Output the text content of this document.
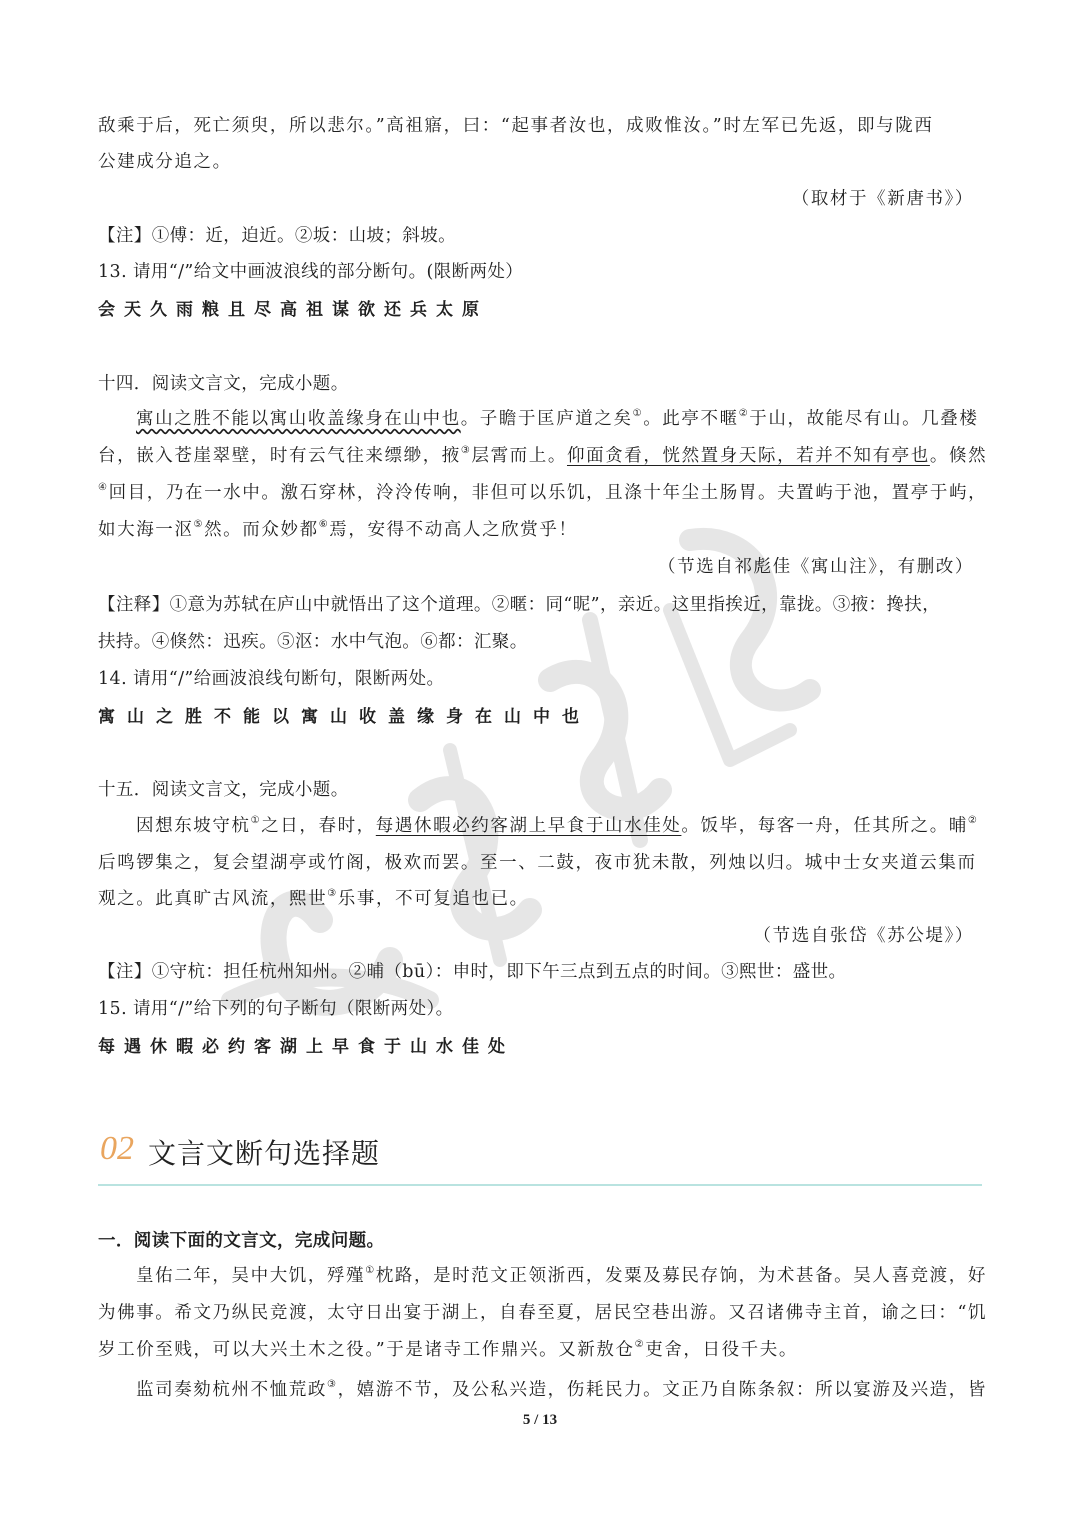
敌乘于后，死亡须臾，所以悲尔。”高祖寤，曰：“起事者汝也，成败惟汝。”时左军已先返，即与陇西
公建成分追之。
（取材于《新唐书》）
【注】①傅：近，迫近。②坂：山坡；斜坡。
13. 请用“/”给文中画波浪线的部分断句。(限断两处）
会天久雨粮且尽高祖谋欲还兵太原
十四．阅读文言文，完成小题。
寓山之胜不能以寓山收盖缘身在山中也。子瞻于匡庐道之矣①。此亭不暱②于山，故能尽有山。几叠楼
台，嵌入苍崖翠壁，时有云气往来缥缈，掖③层霄而上。仰面贪看，恍然置身天际，若并不知有亭也。倏然
④回目，乃在一水中。激石穿林，泠泠传响，非但可以乐饥，且涤十年尘土肠胃。夫置屿于池，置亭于屿，
如大海一沤⑤然。而众妙都⑥焉，安得不动高人之欣赏乎！
（节选自祁彪佳《寓山注》，有删改）
【注释】①意为苏轼在庐山中就悟出了这个道理。②暱：同“昵”，亲近。这里指挨近，靠拢。③掖：搀扶，
扶持。④倏然：迅疾。⑤沤：水中气泡。⑥都：汇聚。
14. 请用“/”给画波浪线句断句，限断两处。
寓山之胜不能以寓山收盖缘身在山中也
十五．阅读文言文，完成小题。
因想东坡守杭①之日，春时，每遇休暇必约客湖上早食于山水佳处。饭毕，每客一舟，任其所之。晡②
后鸣锣集之，复会望湖亭或竹阁，极欢而罢。至一、二鼓，夜市犹未散，列烛以归。城中士女夹道云集而
观之。此真旷古风流，熙世③乐事，不可复追也已。
（节选自张岱《苏公堤》）
【注】①守杭：担任杭州知州。②晡（bū）：申时，即下午三点到五点的时间。③熙世：盛世。
15. 请用“/”给下列的句子断句（限断两处）。
每遇休暇必约客湖上早食于山水佳处
02 文言文断句选择题
一．阅读下面的文言文，完成问题。
皇佑二年，吴中大饥，殍殣①枕路，是时范文正领浙西，发粟及募民存饷，为术甚备。吴人喜竞渡，好
为佛事。希文乃纵民竞渡，太守日出宴于湖上，自春至夏，居民空巷出游。又召诸佛寺主首，谕之曰：“饥
岁工价至贱，可以大兴土木之役。”于是诸寺工作鼎兴。又新敖仓②吏舍，日役千夫。
监司奏劾杭州不恤荒政③，嬉游不节，及公私兴造，伤耗民力。文正乃自陈条叙：所以宴游及兴造，皆
5 / 13
